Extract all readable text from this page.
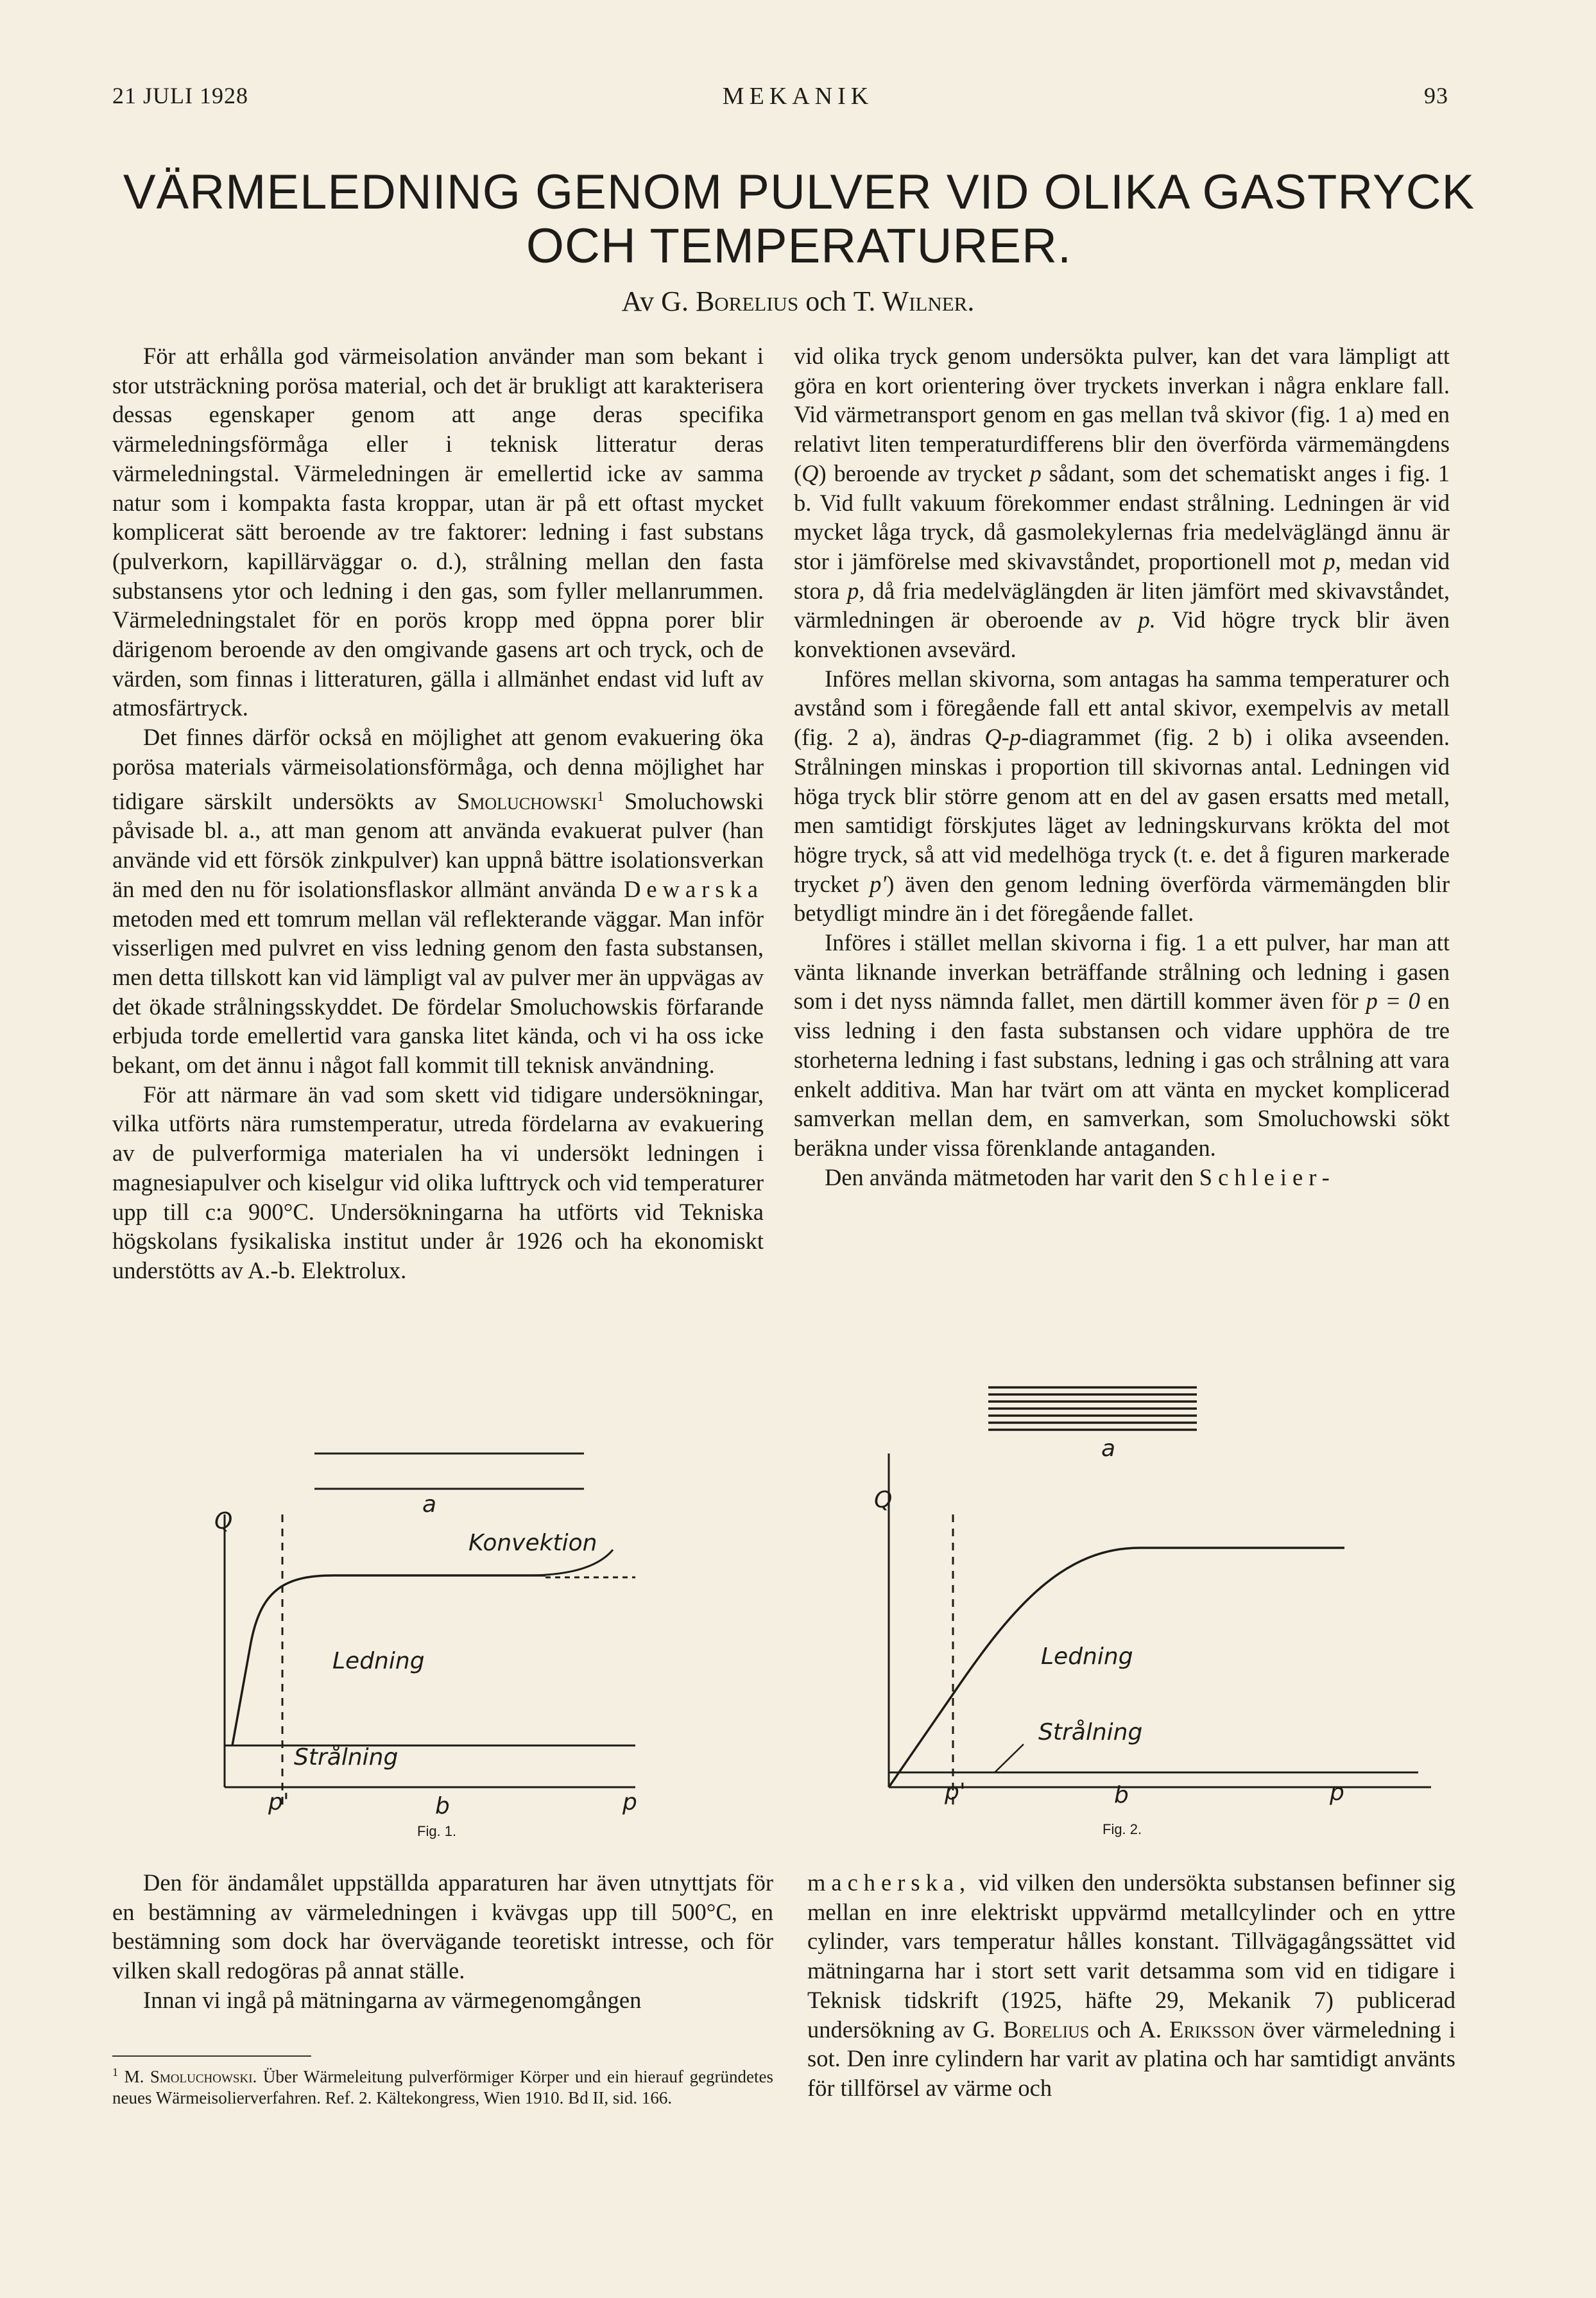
21 JULI 1928	MEKANIK	93
VÄRMELEDNING GENOM PULVER VID OLIKA GASTRYCK
OCH TEMPERATURER.
Av G. Borelius och T. Wilner.

För att erhålla god värmeisolation använder man som bekant i stor utsträckning porösa material, och det är brukligt att karakterisera dessas egenskaper genom att ange deras specifika värmeledningsförmåga eller i teknisk litteratur deras värmeledningstal. Värmeledningen är emellertid icke av samma natur som i kompakta fasta kroppar, utan är på ett oftast mycket komplicerat sätt beroende av tre faktorer: ledning i fast substans (pulverkorn, kapillärväggar o. d.), strålning mellan den fasta substansens ytor och ledning i den gas, som fyller mellanrummen. Värmeledningstalet för en porös kropp med öppna porer blir därigenom beroende av den omgivande gasens art och tryck, och de värden, som finnas i litteraturen, gälla i allmänhet endast vid luft av atmosfärtryck.

Det finnes därför också en möjlighet att genom evakuering öka porösa materials värmeisolationsförmåga, och denna möjlighet har tidigare särskilt undersökts av Smoluchowski$^1$ Smoluchowski påvisade bl. a., att man genom att använda evakuerat pulver (han använde vid ett försök zinkpulver) kan uppnå bättre isolationsverkan än med den nu för isolationsflaskor allmänt använda Dewarska metoden med ett tomrum mellan väl reflekterande väggar. Man inför visserligen med pulvret en viss ledning genom den fasta substansen, men detta tillskott kan vid lämpligt val av pulver mer än uppvägas av det ökade strålningsskyddet. De fördelar Smoluchowskis förfarande erbjuda torde emellertid vara ganska litet kända, och vi ha oss icke bekant, om det ännu i något fall kommit till teknisk användning.

För att närmare än vad som skett vid tidigare undersökningar, vilka utförts nära rumstemperatur, utreda fördelarna av evakuering av de pulverformiga materialen ha vi undersökt ledningen i magnesiapulver och kiselgur vid olika lufttryck och vid temperaturer upp till c:a 900°C. Undersökningarna ha utförts vid Tekniska högskolans fysikaliska institut under år 1926 och ha ekonomiskt understötts av A.-b. Elektrolux.

vid olika tryck genom undersökta pulver, kan det vara lämpligt att göra en kort orientering över tryckets inverkan i några enklare fall. Vid värmetransport genom en gas mellan två skivor (fig. 1 a) med en relativt liten temperaturdifferens blir den överförda värmemängdens (Q) beroende av trycket p sådant, som det schematiskt anges i fig. 1 b. Vid fullt vakuum förekommer endast strålning. Ledningen är vid mycket låga tryck, då gasmolekylernas fria medelväglängd ännu är stor i jämförelse med skivavståndet, proportionell mot p, medan vid stora p, då fria medelväglängden är liten jämfört med skivavståndet, värmledningen är oberoende av p. Vid högre tryck blir även konvektionen avsevärd.

Införes mellan skivorna, som antagas ha samma temperaturer och avstånd som i föregående fall ett antal skivor, exempelvis av metall (fig. 2 a), ändras Q-p-diagrammet (fig. 2 b) i olika avseenden. Strålningen minskas i proportion till skivornas antal. Ledningen vid höga tryck blir större genom att en del av gasen ersatts med metall, men samtidigt förskjutes läget av ledningskurvans krökta del mot högre tryck, så att vid medelhöga tryck (t. e. det å figuren markerade trycket p') även den genom ledning överförda värmemängden blir betydligt mindre än i det föregående fallet.

Införes i stället mellan skivorna i fig. 1 a ett pulver, har man att vänta liknande inverkan beträffande strålning och ledning i gasen som i det nyss nämnda fallet, men därtill kommer även för p = 0 en viss ledning i den fasta substansen och vidare upphöra de tre storheterna ledning i fast substans, ledning i gas och strålning att vara enkelt additiva. Man har tvärt om att vänta en mycket komplicerad samverkan mellan dem, en samverkan, som Smoluchowski sökt beräkna under vissa förenklande antaganden.

Den använda mätmetoden har varit den Schleier-

a
Q
Konvektion
Ledning
Strålning
p'	b	p
Fig. 1.
a
Q
Ledning
Strålning
p'	b	p
Fig. 2.

Den för ändamålet uppställda apparaturen har även utnyttjats för en bestämning av värmeledningen i kvävgas upp till 500°C, en bestämning som dock har övervägande teoretiskt intresse, och för vilken skall redogöras på annat ställe.

Innan vi ingå på mätningarna av värmegenomgången

$^1$ M. Smoluchowski. Über Wärmeleitung pulverförmiger Körper und ein hierauf gegründetes neues Wärmeisolierverfahren. Ref. 2. Kältekongress, Wien 1910. Bd II, sid. 166.

macherska, vid vilken den undersökta substansen befinner sig mellan en inre elektriskt uppvärmd metallcylinder och en yttre cylinder, vars temperatur hålles konstant. Tillvägagångssättet vid mätningarna har i stort sett varit detsamma som vid en tidigare i Teknisk tidskrift (1925, häfte 29, Mekanik 7) publicerad undersökning av G. Borelius och A. Eriksson över värmeledning i sot. Den inre cylindern har varit av platina och har samtidigt använts för tillförsel av värme och
